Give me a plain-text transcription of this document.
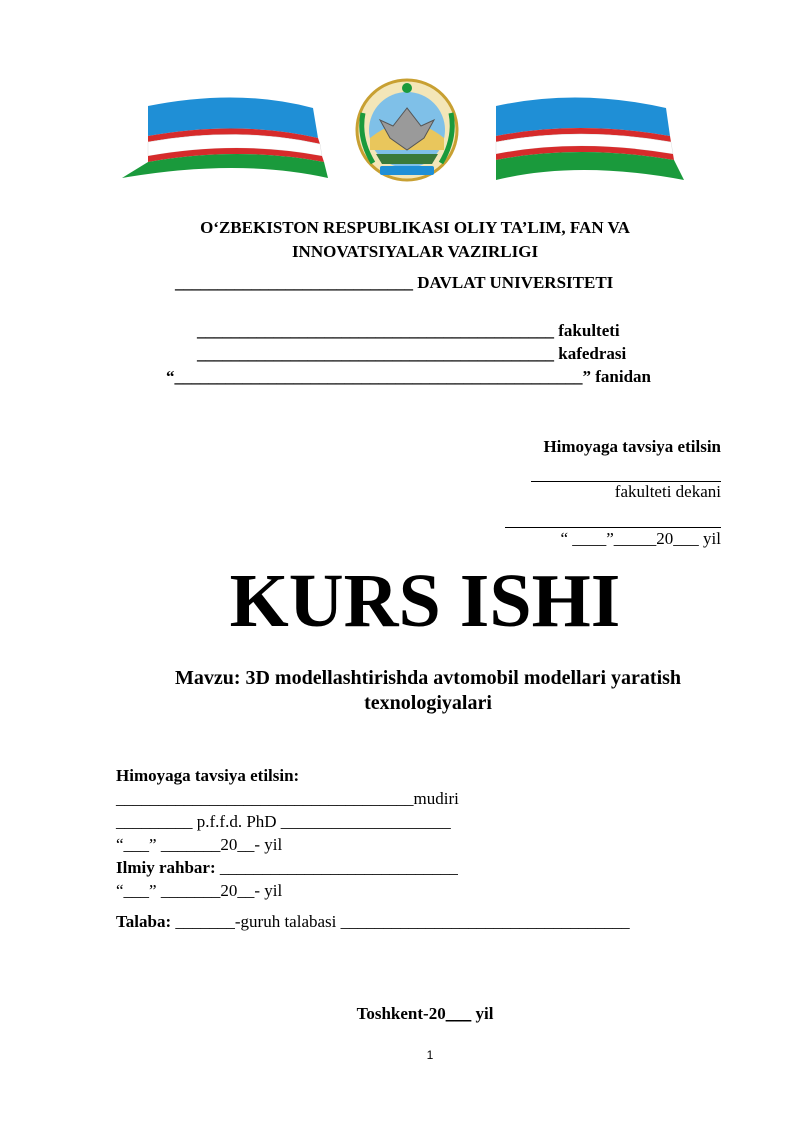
O‘ZBEKISTON RESPUBLIKASI OLIY TA’LIM, FAN VA
INNOVATSIYALAR VAZIRLIGI
____________________________ DAVLAT UNIVERSITETI
__________________________________________ fakulteti
__________________________________________ kafedrasi
“________________________________________________” fanidan
Himoyaga tavsiya etilsin
fakulteti dekani
“ ____”_____20___ yil
KURS ISHI
Mavzu: 3D modellashtirishda avtomobil modellari yaratish
texnologiyalari
Himoyaga tavsiya etilsin:
___________________________________mudiri
_________ p.f.f.d. PhD ____________________
“___” _______20__- yil
Ilmiy rahbar: ____________________________
“___” _______20__- yil
Talaba: _______-guruh talabasi __________________________________
Toshkent-20___ yil
1
